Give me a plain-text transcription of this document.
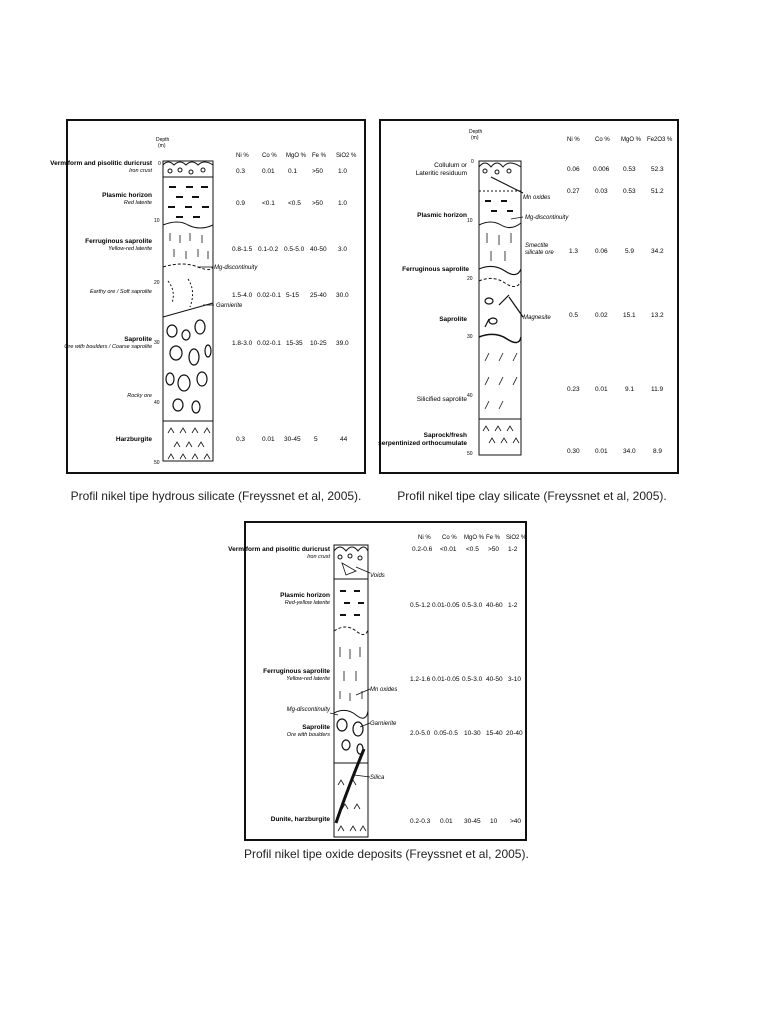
Depth
(m)
Ni % Co % MgO % Fe % SiO2 %
0
10
20
30
40
50
Mg-discontinuity
Garnierite
Vermiform and pisolitic duricrust
Iron crust
Plasmic horizon
Red laterite
Ferruginous saprolite
Yellow-red laterite
Earthy ore / Soft saprolite
Saprolite
Ore with boulders / Coarse saprolite
Rocky ore
Harzburgite
0.3	0.01 0.1 >50 1.0
0.9	<0.1 <0.5 >50 1.0
0.8-1.5 0.1-0.2 0.5-5.0 40-50 3.0
1.5-4.0 0.02-0.1 5-15 25-40 30.0
1.8-3.0 0.02-0.1 15-35 10-25 39.0
0.3	0.01 30-45 5	44
Depth
(m)	Ni %	Co % MgO % Fe2O3 %
0
10
20
30
40
50
Mn oxides
Mg-discontinuity
Smectite
silicate ore
Magnesite
Collulum or
Lateritic residuum
Plasmic horizon
Ferruginous saprolite
Saprolite
Silicified saprolite
Saprock/fresh
serpentinized orthocumulate
0.06 0.006 0.53 52.3
0.27 0.03 0.53 51.2
1.3	0.06	5.9	34.2
0.5	0.02 15.1 13.2
0.23 0.01	9.1	11.9
0.30 0.01 34.0	8.9
Ni % Co % MgO % Fe % SiO2 %
Voids
Mn oxides
Mg-discontinuity
Garnierite
Silica
Vermiform and pisolitic duricrust
Iron crust
Plasmic horizon
Red-yellow laterite
Ferruginous saprolite
Yellow-red laterite
Saprolite
Ore with boulders
Dunite, harzburgite
0.2-0.6 <0.01 <0.5 >50 1-2
0.5-1.2 0.01-0.05 0.5-3.0 40-60 1-2
1.2-1.6 0.01-0.05 0.5-3.0 40-50 3-10
2.0-5.0 0.05-0.5 10-30 15-40 20-40
0.2-0.3 0.01 30-45 10 >40
Profil nikel tipe hydrous silicate (Freyssnet et al, 2005).	Profil nikel tipe clay silicate (Freyssnet et al, 2005).
Profil nikel tipe oxide deposits (Freyssnet et al, 2005).
